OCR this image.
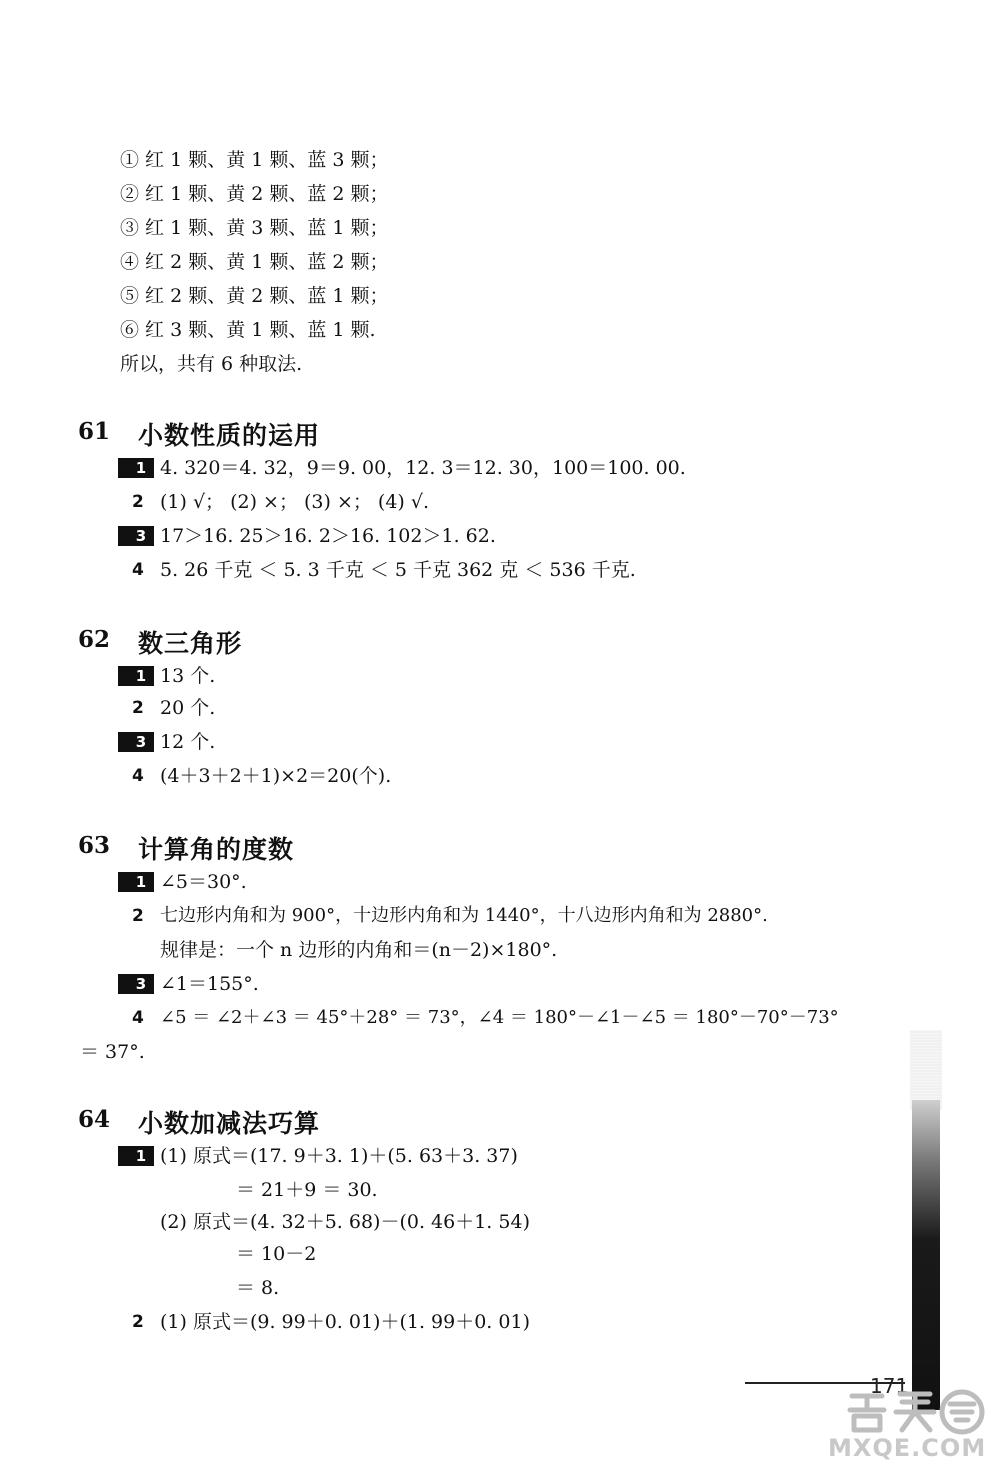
① 红 1 颗、黄 1 颗、蓝 3 颗；
② 红 1 颗、黄 2 颗、蓝 2 颗；
③ 红 1 颗、黄 3 颗、蓝 1 颗；
④ 红 2 颗、黄 1 颗、蓝 2 颗；
⑤ 红 2 颗、黄 2 颗、蓝 1 颗；
⑥ 红 3 颗、黄 1 颗、蓝 1 颗.
所以，共有 6 种取法.
61 小数性质的运用
1 4. 320＝4. 32，9＝9. 00，12. 3＝12. 30，100＝100. 00.
2 (1) √； (2) ×； (3) ×； (4) √.
3 17＞16. 25＞16. 2＞16. 102＞1. 62.
4 5. 26 千克 ＜ 5. 3 千克 ＜ 5 千克 362 克 ＜ 536 千克.
62 数三角形
1 13 个.
2 20 个.
3 12 个.
4 (4＋3＋2＋1)×2＝20(个).
63 计算角的度数
1 ∠5＝30°.
2 七边形内角和为 900°，十边形内角和为 1440°，十八边形内角和为 2880°.
规律是：一个 n 边形的内角和＝(n－2)×180°.
3 ∠1＝155°.
4 ∠5 ＝ ∠2＋∠3 ＝ 45°＋28° ＝ 73°，∠4 ＝ 180°－∠1－∠5 ＝ 180°－70°－73°
＝ 37°.
64 小数加减法巧算
1 (1) 原式＝(17. 9＋3. 1)＋(5. 63＋3. 37)
＝ 21＋9 ＝ 30.
(2) 原式＝(4. 32＋5. 68)－(0. 46＋1. 54)
＝ 10－2
＝ 8.
2 (1) 原式＝(9. 99＋0. 01)＋(1. 99＋0. 01)
171
MXQE.COM
